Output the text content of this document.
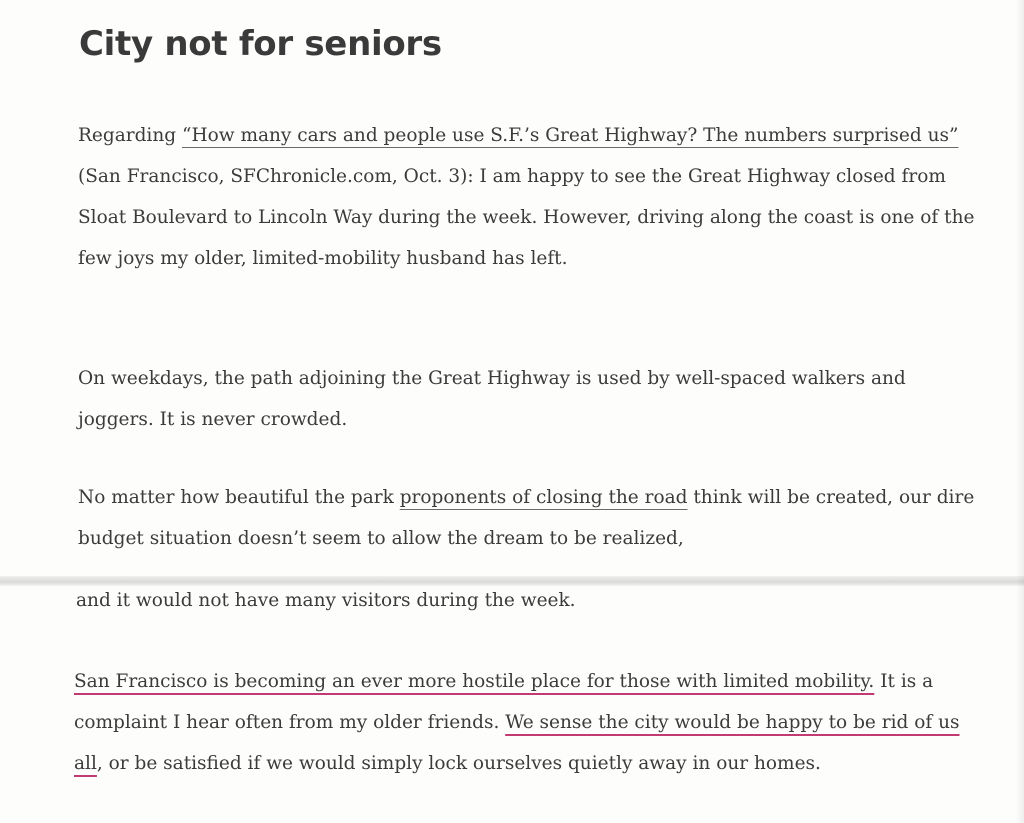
City not for seniors

Regarding “How many cars and people use S.F.’s Great Highway? The numbers surprised us” (San Francisco, SFChronicle.com, Oct. 3): I am happy to see the Great Highway closed from Sloat Boulevard to Lincoln Way during the week. However, driving along the coast is one of the few joys my older, limited-mobility husband has left.

On weekdays, the path adjoining the Great Highway is used by well-spaced walkers and joggers. It is never crowded.

No matter how beautiful the park proponents of closing the road think will be created, our dire budget situation doesn’t seem to allow the dream to be realized,

and it would not have many visitors during the week.

San Francisco is becoming an ever more hostile place for those with limited mobility. It is a complaint I hear often from my older friends. We sense the city would be happy to be rid of us all, or be satisfied if we would simply lock ourselves quietly away in our homes.
